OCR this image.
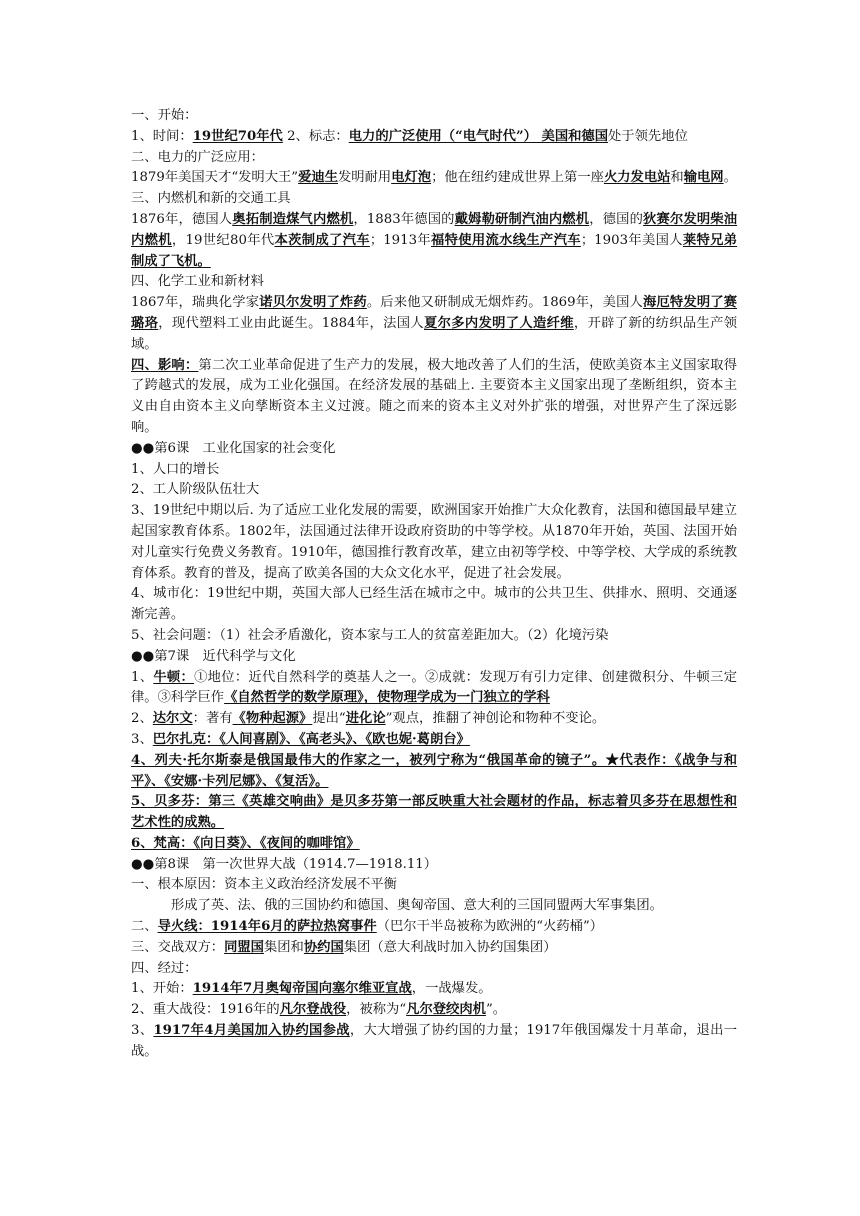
一、开始：

1、时间：19世纪70年代 2、标志：电力的广泛使用（“电气时代”） 美国和德国处于领先地位

二、电力的广泛应用：

1879年美国天才“发明大王”爱迪生发明耐用电灯泡；他在纽约建成世界上第一座火力发电站和输电网。

三、内燃机和新的交通工具

1876年，德国人奥拓制造煤气内燃机，1883年德国的戴姆勒研制汽油内燃机，德国的狄赛尔发明柴油内燃机，19世纪80年代本茨制成了汽车；1913年福特使用流水线生产汽车；1903年美国人莱特兄弟制成了飞机。

四、化学工业和新材料

1867年，瑞典化学家诺贝尔发明了炸药。后来他又研制成无烟炸药。1869年，美国人海厄特发明了赛璐珞，现代塑料工业由此诞生。1884年，法国人夏尔多内发明了人造纤维，开辟了新的纺织品生产领域。

四、影响：第二次工业革命促进了生产力的发展，极大地改善了人们的生活，使欧美资本主义国家取得了跨越式的发展，成为工业化强国。在经济发展的基础上. 主要资本主义国家出现了垄断组织，资本主义由自由资本主义向孳断资本主义过渡。随之而来的资本主义对外扩张的增强，对世界产生了深远影响。

●●第6课　工业化国家的社会变化

1、人口的增长

2、工人阶级队伍壮大

3、19世纪中期以后. 为了适应工业化发展的需要，欧洲国家开始推广大众化教育，法国和德国最早建立起国家教育体系。1802年，法国通过法律开设政府资助的中等学校。从1870年开始，英国、法国开始对儿童实行免费义务教育。1910年，德国推行教育改革，建立由初等学校、中等学校、大学成的系统教育体系。教育的普及，提高了欧美各国的大众文化水平，促进了社会发展。

4、城市化：19世纪中期，英国大部人已经生活在城市之中。城市的公共卫生、供排水、照明、交通逐渐完善。

5、社会问题：（1）社会矛盾激化，资本家与工人的贫富差距加大。（2）化境污染

●●第7课　近代科学与文化

1、牛顿：①地位：近代自然科学的奠基人之一。②成就：发现万有引力定律、创建微积分、牛顿三定律。③科学巨作《自然哲学的数学原理》，使物理学成为一门独立的学科

2、达尔文：著有《物种起源》提出“进化论”观点，推翻了神创论和物种不变论。

3、巴尔扎克：《人间喜剧》、《高老头》、《欧也妮·葛朗台》

4、列夫·托尔斯泰是俄国最伟大的作家之一，被列宁称为“俄国革命的镜子”。★代表作：《战争与和平》、《安娜·卡列尼娜》、《复活》。

5、贝多芬：第三《英雄交响曲》是贝多芬第一部反映重大社会题材的作品，标志着贝多芬在思想性和艺术性的成熟。

6、梵高：《向日葵》、《夜间的咖啡馆》

●●第8课　第一次世界大战（1914.7—1918.11）

一、根本原因：资本主义政治经济发展不平衡

形成了英、法、俄的三国协约和德国、奥匈帝国、意大利的三国同盟两大军事集团。

二、导火线：1914年6月的萨拉热窝事件（巴尔干半岛被称为欧洲的“火药桶”）

三、交战双方：同盟国集团和协约国集团（意大利战时加入协约国集团）

四、经过：

1、开始：1914年7月奥匈帝国向塞尔维亚宣战，一战爆发。

2、重大战役：1916年的凡尔登战役，被称为“凡尔登绞肉机”。

3、1917年4月美国加入协约国参战，大大增强了协约国的力量；1917年俄国爆发十月革命，退出一战。
